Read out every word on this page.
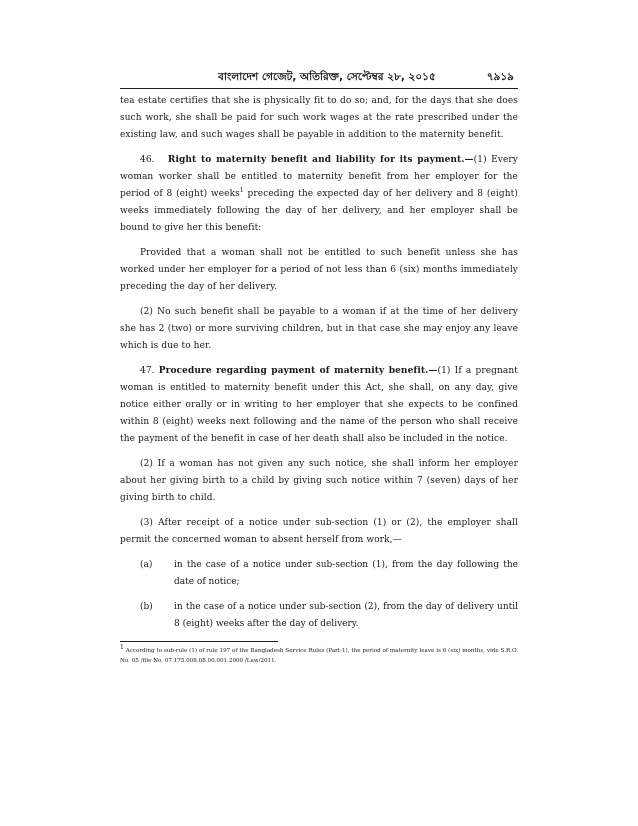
বাংলাদেশ গেজেট, অতিরিক্ত, সেপ্টেম্বর ২৮, ২০১৫	৭৯১৯

tea estate certifies that she is physically fit to do so; and, for the days that she does such work, she shall be paid for such work wages at the rate prescribed under the existing law, and such wages shall be payable in addition to the maternity benefit.

46. Right to maternity benefit and liability for its payment.—(1) Every woman worker shall be entitled to maternity benefit from her employer for the period of 8 (eight) weeks$^1$ preceding the expected day of her delivery and 8 (eight) weeks immediately following the day of her delivery, and her employer shall be bound to give her this benefit:

Provided that a woman shall not be entitled to such benefit unless she has worked under her employer for a period of not less than 6 (six) months immediately preceding the day of her delivery.

(2) No such benefit shall be payable to a woman if at the time of her delivery she has 2 (two) or more surviving children, but in that case she may enjoy any leave which is due to her.

47. Procedure regarding payment of maternity benefit.—(1) If a pregnant woman is entitled to maternity benefit under this Act, she shall, on any day, give notice either orally or in writing to her employer that she expects to be confined within 8 (eight) weeks next following and the name of the person who shall receive the payment of the benefit in case of her death shall also be included in the notice.

(2) If a woman has not given any such notice, she shall inform her employer about her giving birth to a child by giving such notice within 7 (seven) days of her giving birth to child.

(3) After receipt of a notice under sub-section (1) or (2), the employer shall permit the concerned woman to absent herself from work,—

(a)	in the case of a notice under sub-section (1), from the day following the date of notice;
(b)	in the case of a notice under sub-section (2), from the day of delivery until 8 (eight) weeks after the day of delivery.
$^1$ According to sub-rule (1) of rule 197 of the Bangladesh Service Rules (Part-1), the period of maternity leave is 6 (six) months, vide S.R.O. No. 05 /file No. 07.175.008.08.00.001.2000 /Law/2011.
